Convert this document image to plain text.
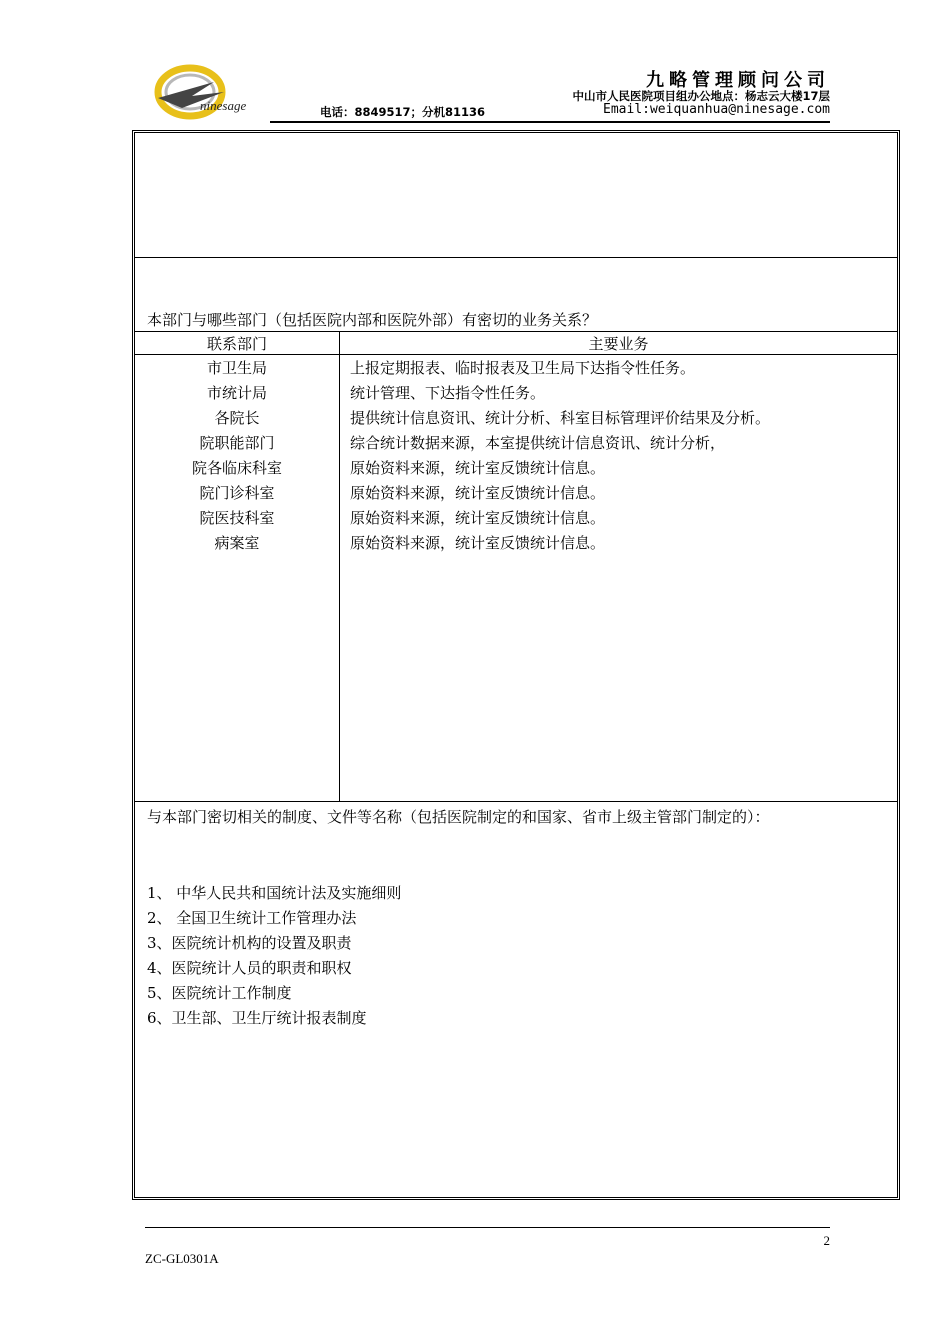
ninesage
九略管理顾问公司
中山市人民医院项目组办公地点：杨志云大楼17层
电话：8849517；分机81136	Email:weiquanhua@ninesage.com
本部门与哪些部门（包括医院内部和医院外部）有密切的业务关系？
联系部门	主要业务
市卫生局
市统计局
各院长
院职能部门
院各临床科室
院门诊科室
院医技科室
病案室
上报定期报表、临时报表及卫生局下达指令性任务。
统计管理、下达指令性任务。
提供统计信息资讯、统计分析、科室目标管理评价结果及分析。
综合统计数据来源，本室提供统计信息资讯、统计分析，
原始资料来源，统计室反馈统计信息。
原始资料来源，统计室反馈统计信息。
原始资料来源，统计室反馈统计信息。
原始资料来源，统计室反馈统计信息。
与本部门密切相关的制度、文件等名称（包括医院制定的和国家、省市上级主管部门制定的）：
1、 中华人民共和国统计法及实施细则
2、 全国卫生统计工作管理办法
3、医院统计机构的设置及职责
4、医院统计人员的职责和职权
5、医院统计工作制度
6、卫生部、卫生厅统计报表制度
2
ZC-GL0301A
